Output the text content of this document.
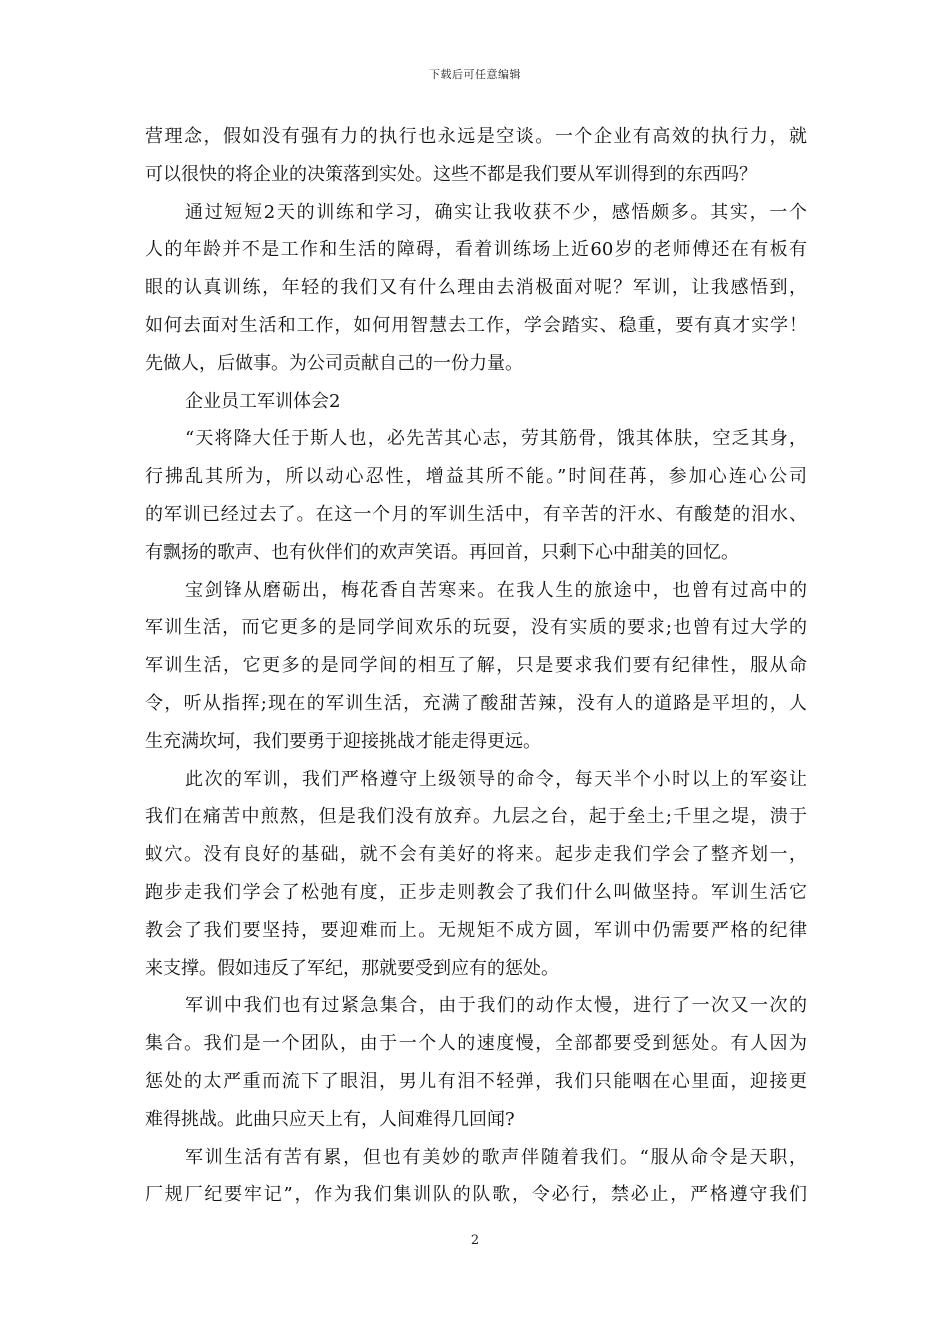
下载后可任意编辑
营理念，假如没有强有力的执行也永远是空谈。一个企业有高效的执行力，就
可以很快的将企业的决策落到实处。这些不都是我们要从军训得到的东西吗？
通过短短2天的训练和学习，确实让我收获不少，感悟颇多。其实，一个
人的年龄并不是工作和生活的障碍，看着训练场上近60岁的老师傅还在有板有
眼的认真训练，年轻的我们又有什么理由去消极面对呢？军训，让我感悟到，
如何去面对生活和工作，如何用智慧去工作，学会踏实、稳重，要有真才实学！
先做人，后做事。为公司贡献自己的一份力量。
企业员工军训体会2
“天将降大任于斯人也，必先苦其心志，劳其筋骨，饿其体肤，空乏其身，
行拂乱其所为，所以动心忍性，增益其所不能。”时间荏苒，参加心连心公司
的军训已经过去了。在这一个月的军训生活中，有辛苦的汗水、有酸楚的泪水、
有飘扬的歌声、也有伙伴们的欢声笑语。再回首，只剩下心中甜美的回忆。
宝剑锋从磨砺出，梅花香自苦寒来。在我人生的旅途中，也曾有过高中的
军训生活，而它更多的是同学间欢乐的玩耍，没有实质的要求;也曾有过大学的
军训生活，它更多的是同学间的相互了解，只是要求我们要有纪律性，服从命
令，听从指挥;现在的军训生活，充满了酸甜苦辣，没有人的道路是平坦的，人
生充满坎坷，我们要勇于迎接挑战才能走得更远。
此次的军训，我们严格遵守上级领导的命令，每天半个小时以上的军姿让
我们在痛苦中煎熬，但是我们没有放弃。九层之台，起于垒土;千里之堤，溃于
蚁穴。没有良好的基础，就不会有美好的将来。起步走我们学会了整齐划一，
跑步走我们学会了松弛有度，正步走则教会了我们什么叫做坚持。军训生活它
教会了我们要坚持，要迎难而上。无规矩不成方圆，军训中仍需要严格的纪律
来支撑。假如违反了军纪，那就要受到应有的惩处。
军训中我们也有过紧急集合，由于我们的动作太慢，进行了一次又一次的
集合。我们是一个团队，由于一个人的速度慢，全部都要受到惩处。有人因为
惩处的太严重而流下了眼泪，男儿有泪不轻弹，我们只能咽在心里面，迎接更
难得挑战。此曲只应天上有，人间难得几回闻?
军训生活有苦有累，但也有美妙的歌声伴随着我们。“服从命令是天职，
厂规厂纪要牢记”，作为我们集训队的队歌，令必行，禁必止，严格遵守我们
2
